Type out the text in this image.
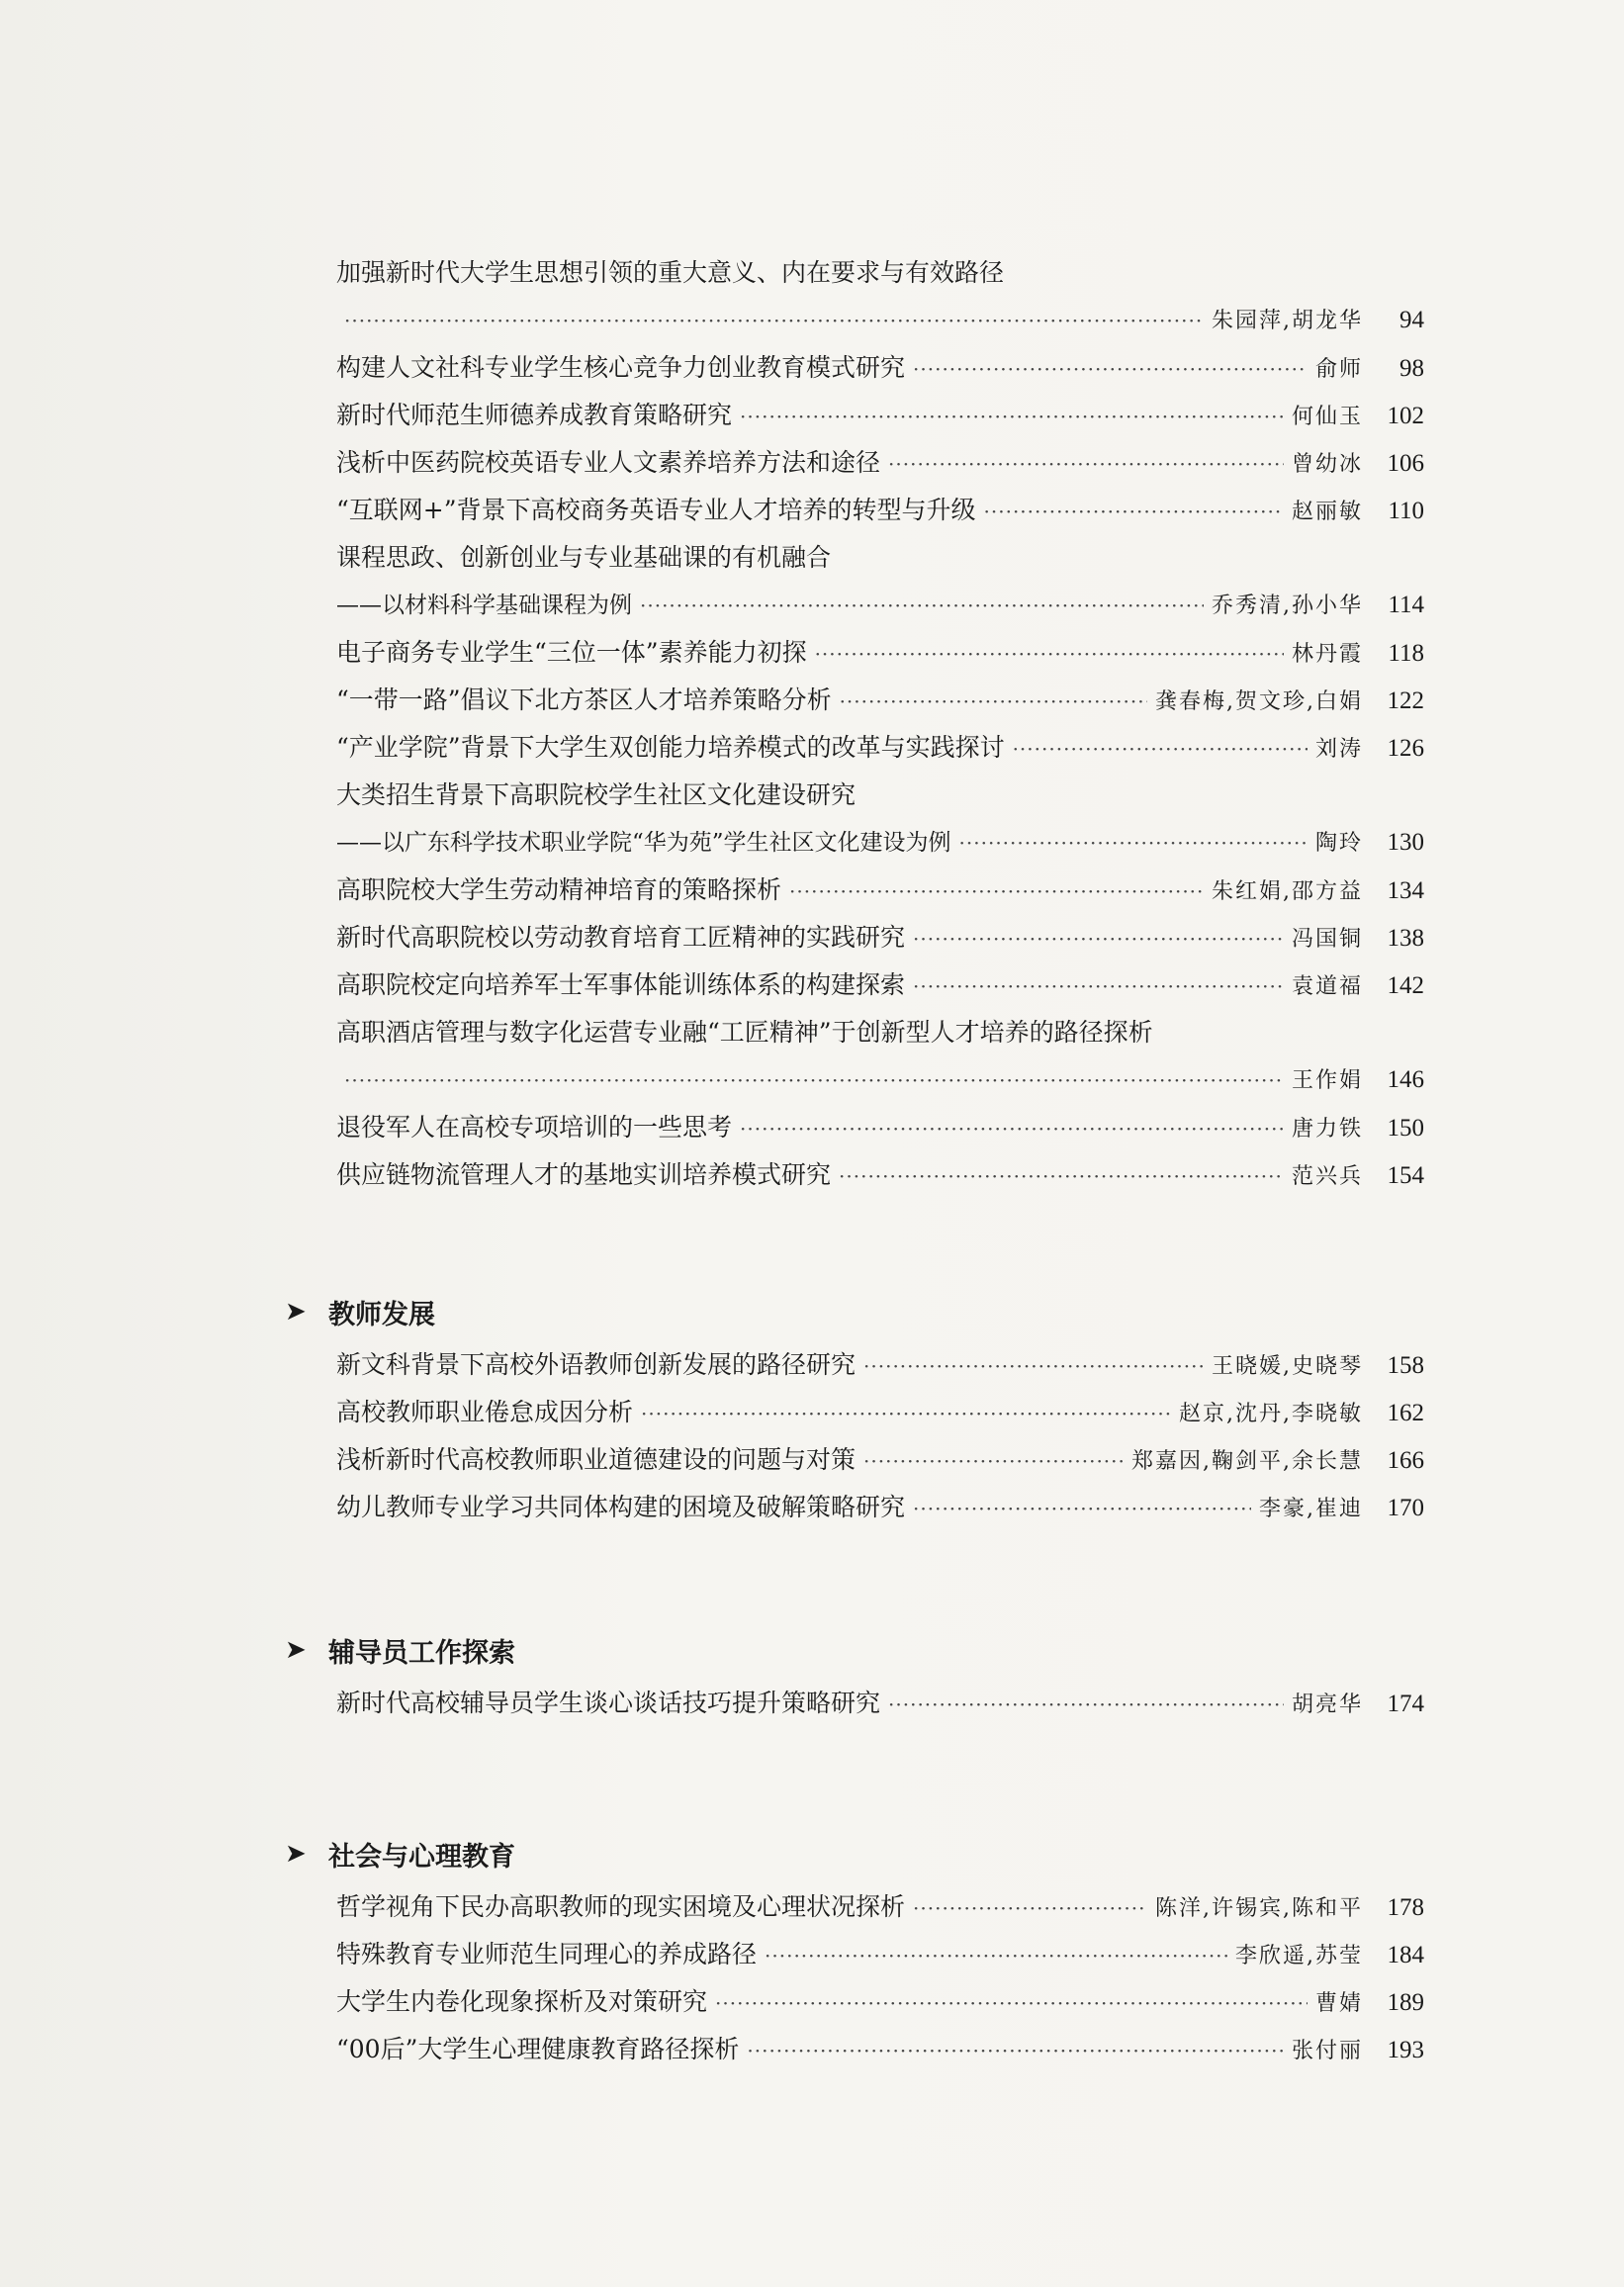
加强新时代大学生思想引领的重大意义、内在要求与有效路径
·····
朱园萍,胡龙华	94
构建人文社科专业学生核心竞争力创业教育模式研究 ·····	俞师	98
新时代师范生师德养成教育策略研究 ·····	何仙玉 102
浅析中医药院校英语专业人文素养培养方法和途径 ·····	曾幼冰 106
“互联网+”背景下高校商务英语专业人才培养的转型与升级 ·····	赵丽敏	110
课程思政、创新创业与专业基础课的有机融合
——以材料科学基础课程为例 ·····	乔秀清,孙小华	114
电子商务专业学生“三位一体”素养能力初探 ·····	林丹霞	118
“一带一路”倡议下北方茶区人才培养策略分析 ·····	龚春梅,贺文珍,白娟 122
“产业学院”背景下大学生双创能力培养模式的改革与实践探讨 ·····	刘涛 126
大类招生背景下高职院校学生社区文化建设研究
——以广东科学技术职业学院“华为苑”学生社区文化建设为例 ·····	陶玲 130
高职院校大学生劳动精神培育的策略探析 ·····	朱红娟,邵方益 134
新时代高职院校以劳动教育培育工匠精神的实践研究 ·····	冯国铜 138
高职院校定向培养军士军事体能训练体系的构建探索 ·····	袁道福 142
高职酒店管理与数字化运营专业融“工匠精神”于创新型人才培养的路径探析
·····
王作娟 146
退役军人在高校专项培训的一些思考 ·····	唐力铁 150
供应链物流管理人才的基地实训培养模式研究 ·····	范兴兵 154
➤ 教师发展
新文科背景下高校外语教师创新发展的路径研究 ·····	王晓媛,史晓琴 158
高校教师职业倦怠成因分析 ·····	赵京,沈丹,李晓敏 162
浅析新时代高校教师职业道德建设的问题与对策 ·····	郑嘉因,鞠剑平,余长慧 166
幼儿教师专业学习共同体构建的困境及破解策略研究 ·····	李豪,崔迪 170
➤ 辅导员工作探索
新时代高校辅导员学生谈心谈话技巧提升策略研究 ·····	胡亮华 174
➤ 社会与心理教育
哲学视角下民办高职教师的现实困境及心理状况探析 ·····	陈洋,许锡宾,陈和平 178
特殊教育专业师范生同理心的养成路径 ·····	李欣遥,苏莹 184
大学生内卷化现象探析及对策研究 ·····	曹婧 189
“00后”大学生心理健康教育路径探析 ·····	张付丽 193
